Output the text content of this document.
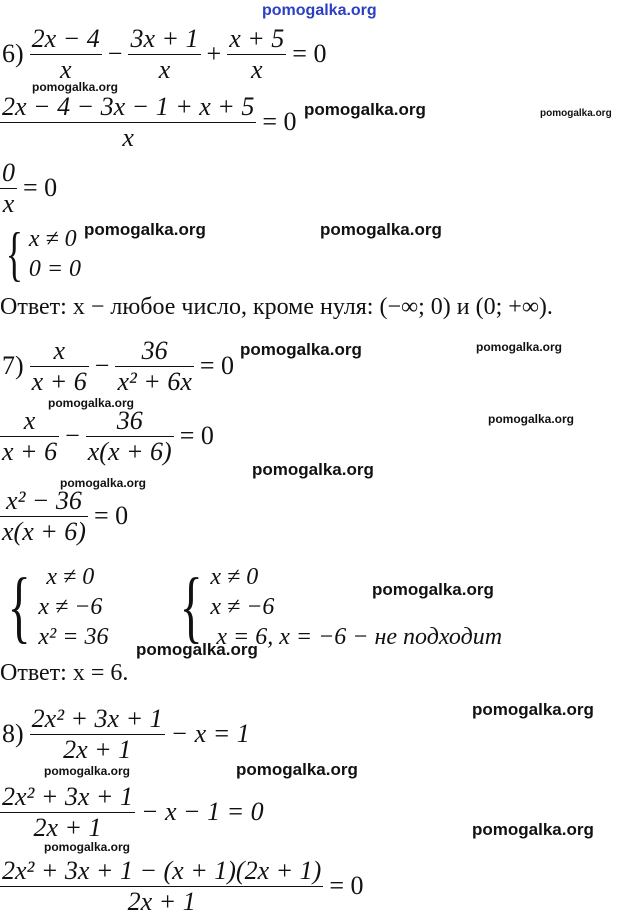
pomogalka.org
$6) \frac{2x - 4}{x} - \frac{3x + 1}{x} + \frac{x + 5}{x} = 0$
pomogalka.org
$\frac{2x - 4 - 3x - 1 + x + 5}{x} = 0$ pomogalka.org	pomogalka.org
$\frac{0}{x} = 0$
{ x ≠ 0
0 = 0
pomogalka.org	pomogalka.org
Ответ: x − любое число, кроме нуля: (−∞; 0) и (0; +∞).
$7) \frac{x}{x + 6} - \frac{36}{\text{x² + 6x}} = 0$
pomogalka.org	pomogalka.org
pomogalka.org
$\frac{x}{x + 6} - \frac{36}{x(x + 6)} = 0$
pomogalka.org
pomogalka.org
pomogalka.org
$\frac{\text{x² − 36}}{x(x + 6)} = 0$
{ x ≠ 0
x ≠ −6
x² = 36 { x ≠ 0
x ≠ −6
x = 6, x = −6 − не подходит
pomogalka.org
pomogalka.org
Ответ: x = 6.
pomogalka.org
$8) \frac{\text{2x² + 3x + 1}}{2x + 1} - x = 1$
pomogalka.org	pomogalka.org
$\frac{\text{2x² + 3x + 1}}{2x + 1} - x - 1 = 0$
pomogalka.org
pomogalka.org
$\frac{\text{2x² + 3x + 1 − (x + 1)(2x + 1)}}{2x + 1} = 0$
